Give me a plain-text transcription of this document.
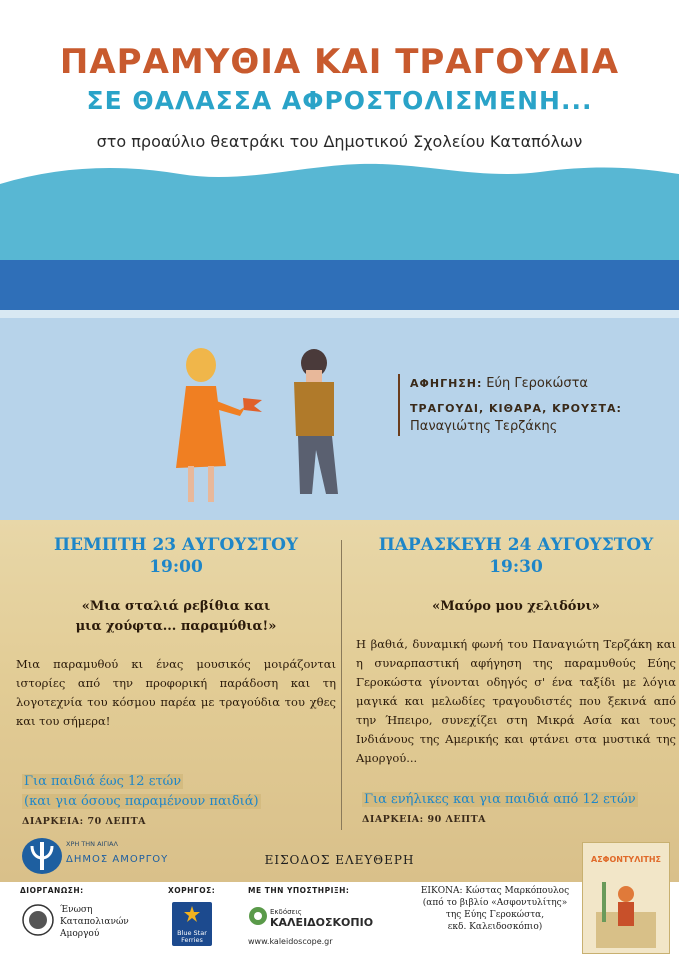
ΠΑΡΑΜΥΘΙΑ ΚΑΙ ΤΡΑΓΟΥΔΙΑ
ΣΕ ΘΑΛΑΣΣΑ ΑΦΡΟΣΤΟΛΙΣΜΕΝΗ...
στο προαύλιο θεατράκι του Δημοτικού Σχολείου Καταπόλων
ΑΦΗΓΗΣΗ: Εύη Γεροκώστα
ΤΡΑΓΟΥΔΙ, ΚΙΘΑΡΑ, ΚΡΟΥΣΤΑ:
Παναγιώτης Τερζάκης
ΠΕΜΠΤΗ 23 ΑΥΓΟΥΣΤΟΥ
19:00
«Μια σταλιά ρεβίθια και
μια χούφτα... παραμύθια!»
Μια παραμυθού κι ένας μουσικός μοιράζονται ιστορίες από την προφορική παράδοση και τη λογοτεχνία του κόσμου παρέα με τραγούδια του χθες και του σήμερα!
Για παιδιά έως 12 ετών
(και για όσους παραμένουν παιδιά)
ΔΙΑΡΚΕΙΑ: 70 ΛΕΠΤΑ
ΠΑΡΑΣΚΕΥΗ 24 ΑΥΓΟΥΣΤΟΥ
19:30
«Μαύρο μου χελιδόνι»
Η βαθιά, δυναμική φωνή του Παναγιώτη Τερζάκη και η συναρπαστική αφήγηση της παραμυθούς Εύης Γεροκώστα γίνονται οδηγός σ' ένα ταξίδι με λόγια μαγικά και μελωδίες τραγουδιστές που ξεκινά από την Ήπειρο, συνεχίζει στη Μικρά Ασία και τους Ινδιάνους της Αμερικής και φτάνει στα μυστικά της Αμοργού...
Για ενήλικες και για παιδιά από 12 ετών
ΔΙΑΡΚΕΙΑ: 90 ΛΕΠΤΑ
ΕΙΣΟΔΟΣ ΕΛΕΥΘΕΡΗ
ΧΡΗ ΤΗΝ ΑΙΓΙΑΛ
ΔΗΜΟΣ ΑΜΟΡΓΟΥ
ΔΙΟΡΓΑΝΩΣΗ:
Ένωση
Καταπολιανών
Αμοργού
ΧΟΡΗΓΟΣ:
Blue Star
Ferries
ΜΕ ΤΗΝ ΥΠΟΣΤΗΡΙΞΗ:
Εκδόσεις
ΚΑΛΕΙΔΟΣΚΟΠΙΟ
www.kaleidoscope.gr
ΕΙΚΟΝΑ: Κώστας Μαρκόπουλος
(από το βιβλίο «Ασφοντυλίτης»
της Εύης Γεροκώστα,
εκδ. Καλειδοσκόπιο)
ΑΣΦΟΝΤΥΛΙΤΗΣ
